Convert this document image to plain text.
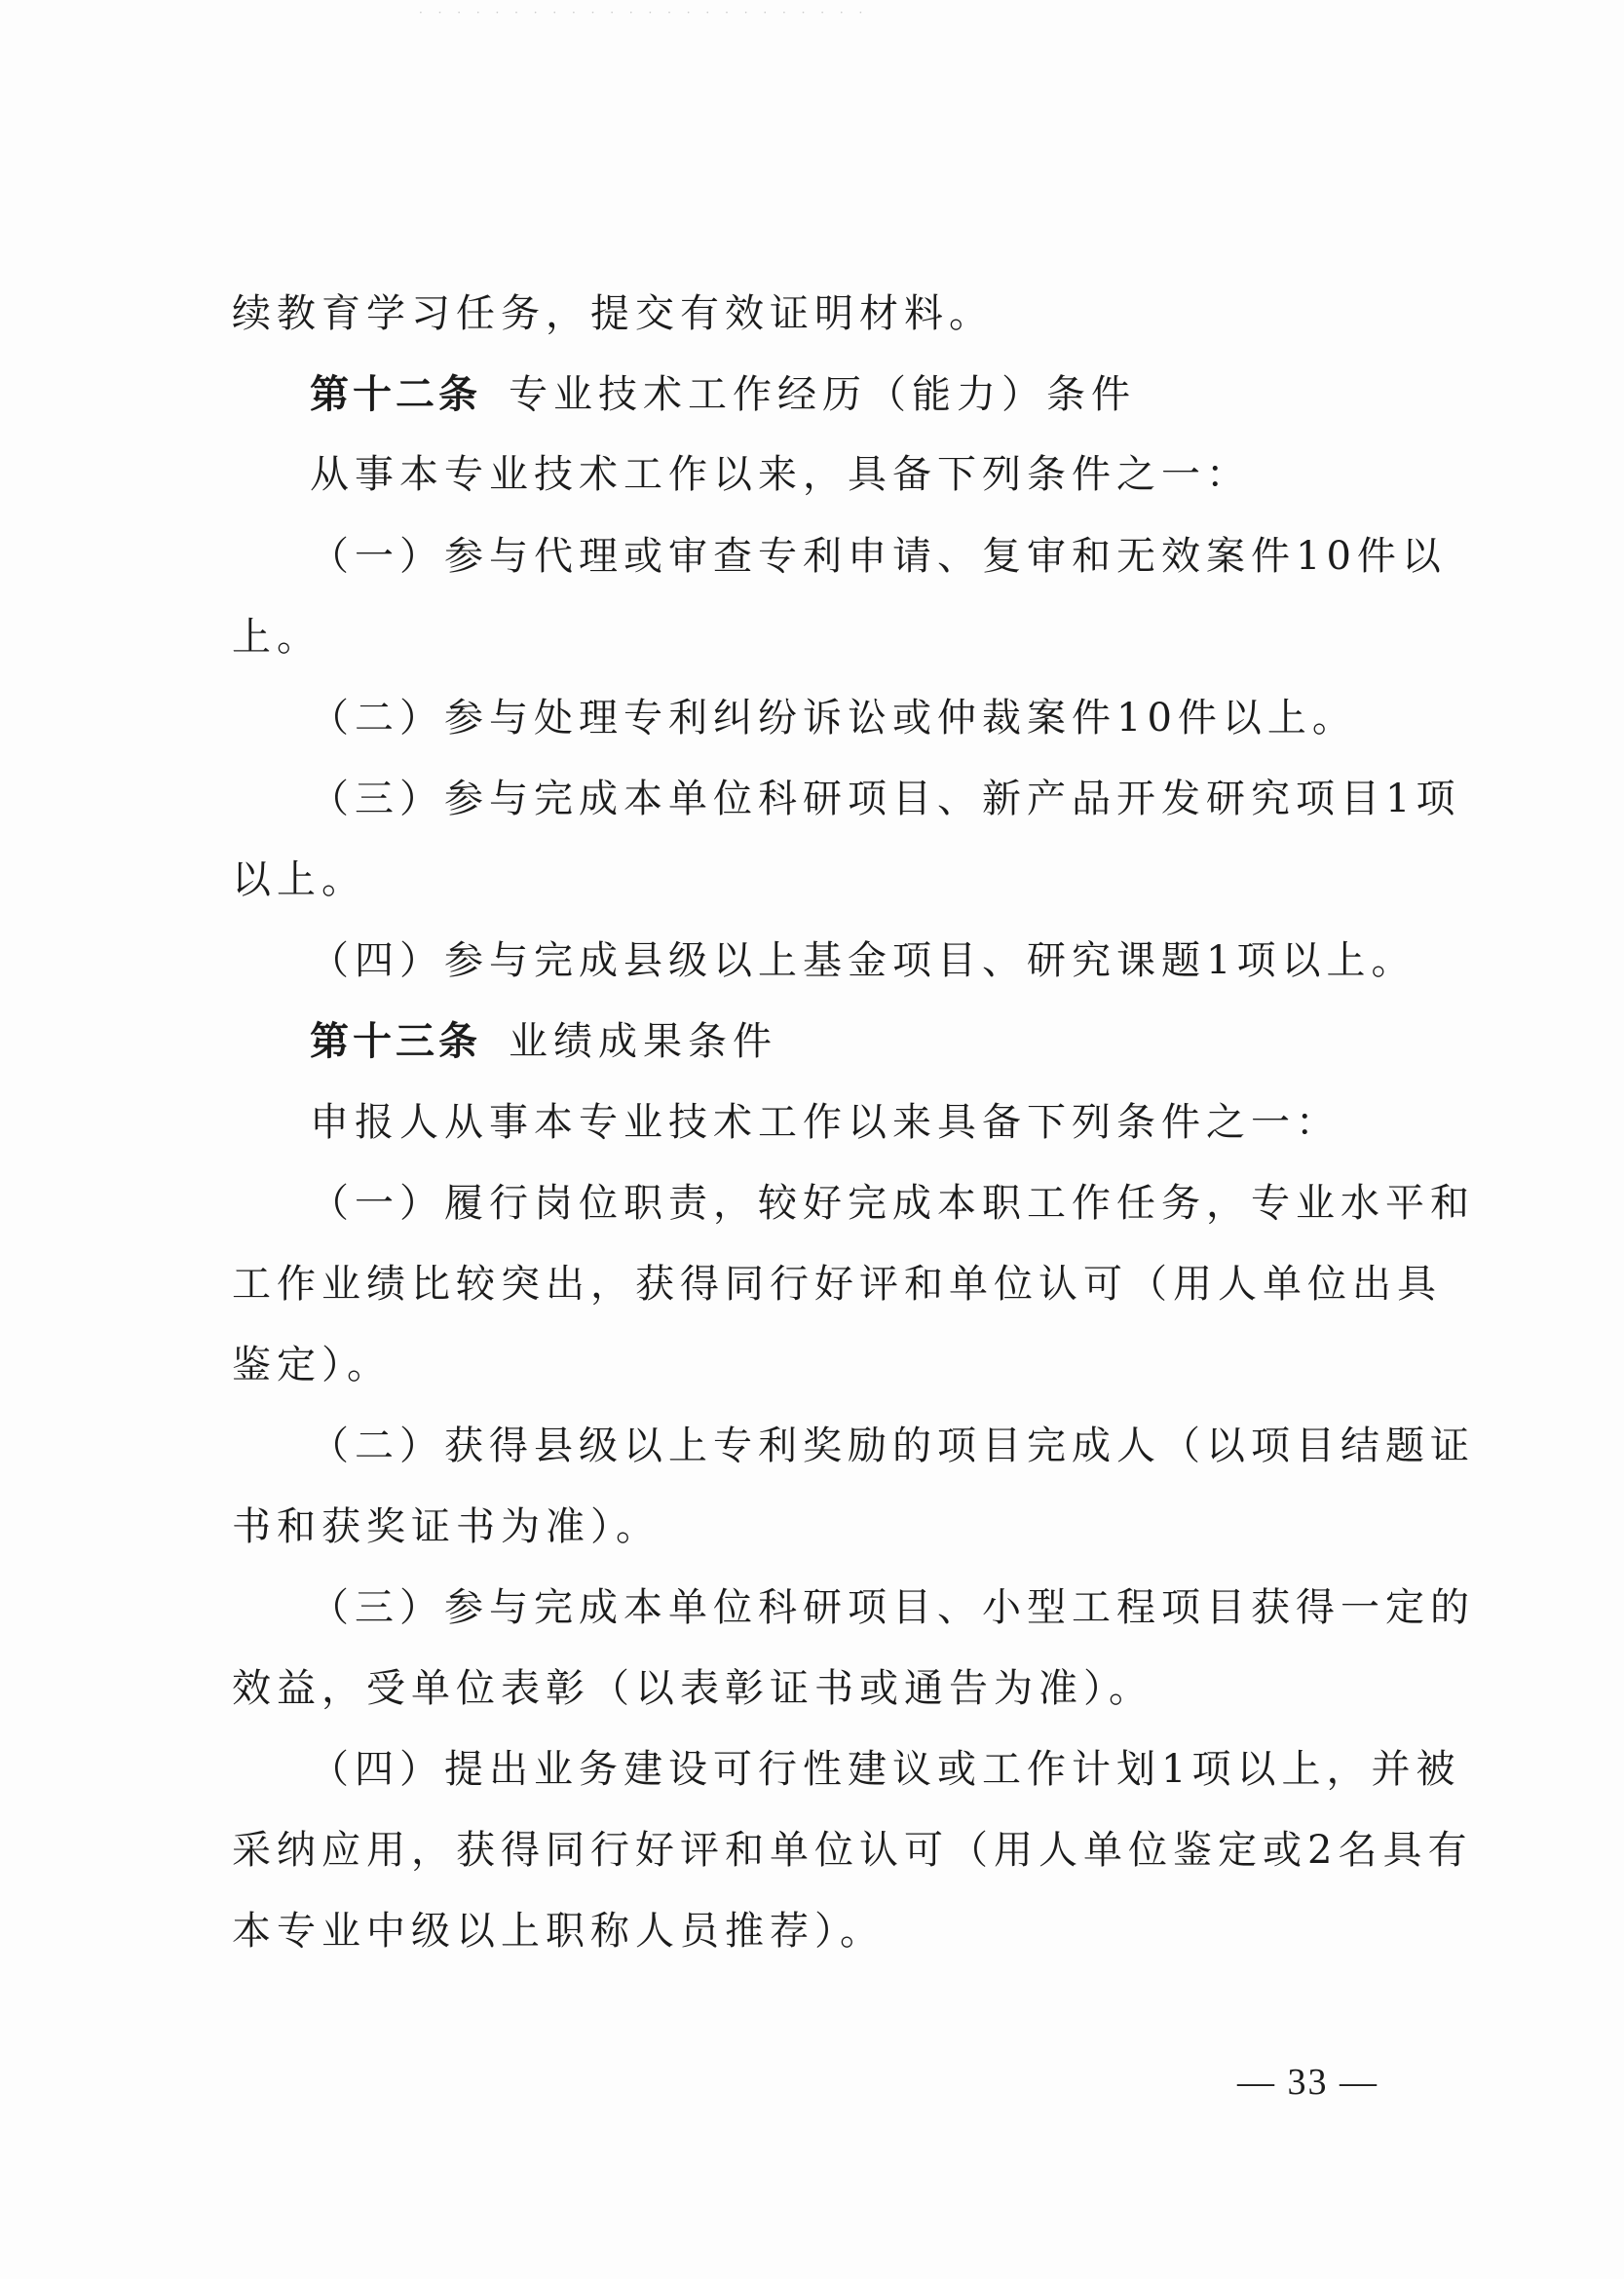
· · · · · · · · · · · · · · · · · · · · · · · ·
续教育学习任务，提交有效证明材料。
第十二条 专业技术工作经历（能力）条件
从事本专业技术工作以来，具备下列条件之一：
（一）参与代理或审查专利申请、复审和无效案件10件以
上。
（二）参与处理专利纠纷诉讼或仲裁案件10件以上。
（三）参与完成本单位科研项目、新产品开发研究项目1项
以上。
（四）参与完成县级以上基金项目、研究课题1项以上。
第十三条 业绩成果条件
申报人从事本专业技术工作以来具备下列条件之一：
（一）履行岗位职责，较好完成本职工作任务，专业水平和
工作业绩比较突出，获得同行好评和单位认可（用人单位出具
鉴定）。
（二）获得县级以上专利奖励的项目完成人（以项目结题证
书和获奖证书为准）。
（三）参与完成本单位科研项目、小型工程项目获得一定的
效益，受单位表彰（以表彰证书或通告为准）。
（四）提出业务建设可行性建议或工作计划1项以上，并被
采纳应用，获得同行好评和单位认可（用人单位鉴定或2名具有
本专业中级以上职称人员推荐）。
— 33 —
